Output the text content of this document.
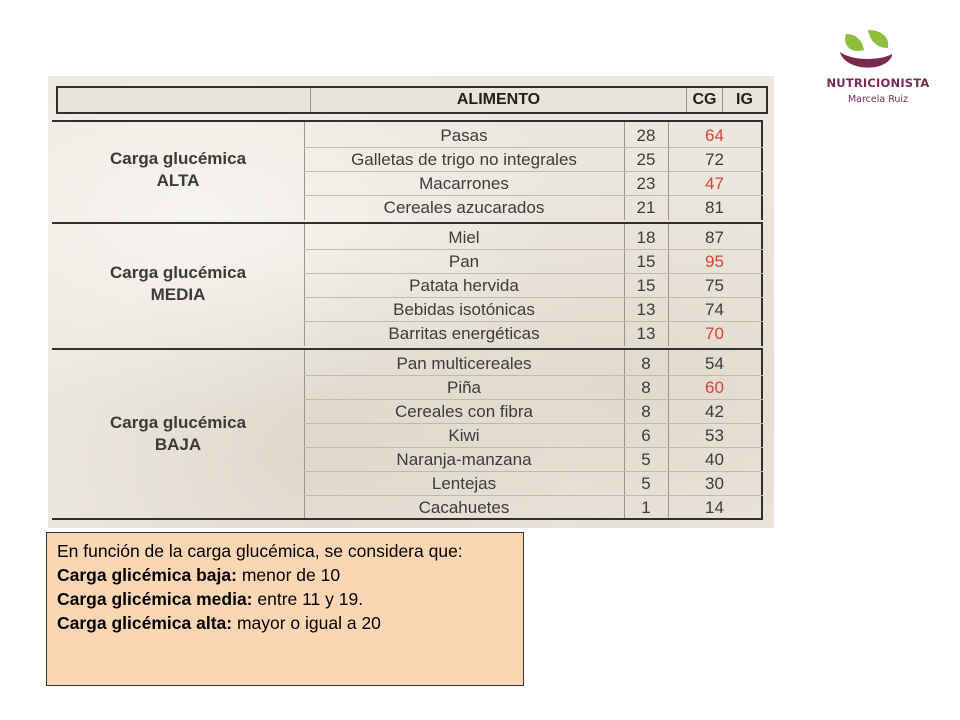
NUTRICIONISTA
Marcela Ruiz
ALIMENTO	CG	IG
Carga glucémica
ALTA
Pasas	28	64
Galletas de trigo no integrales	25	72
Macarrones	23	47
Cereales azucarados	21	81
Carga glucémica
MEDIA
Miel	18	87
Pan	15	95
Patata hervida	15	75
Bebidas isotónicas	13	74
Barritas energéticas	13	70
Carga glucémica
BAJA
Pan multicereales	8	54
Piña	8	60
Cereales con fibra	8	42
Kiwi	6	53
Naranja-manzana	5	40
Lentejas	5	30
Cacahuetes	1	14

En función de la carga glucémica, se considera que:

Carga glicémica baja: menor de 10

Carga glicémica media: entre 11 y 19.

Carga glicémica alta: mayor o igual a 20
